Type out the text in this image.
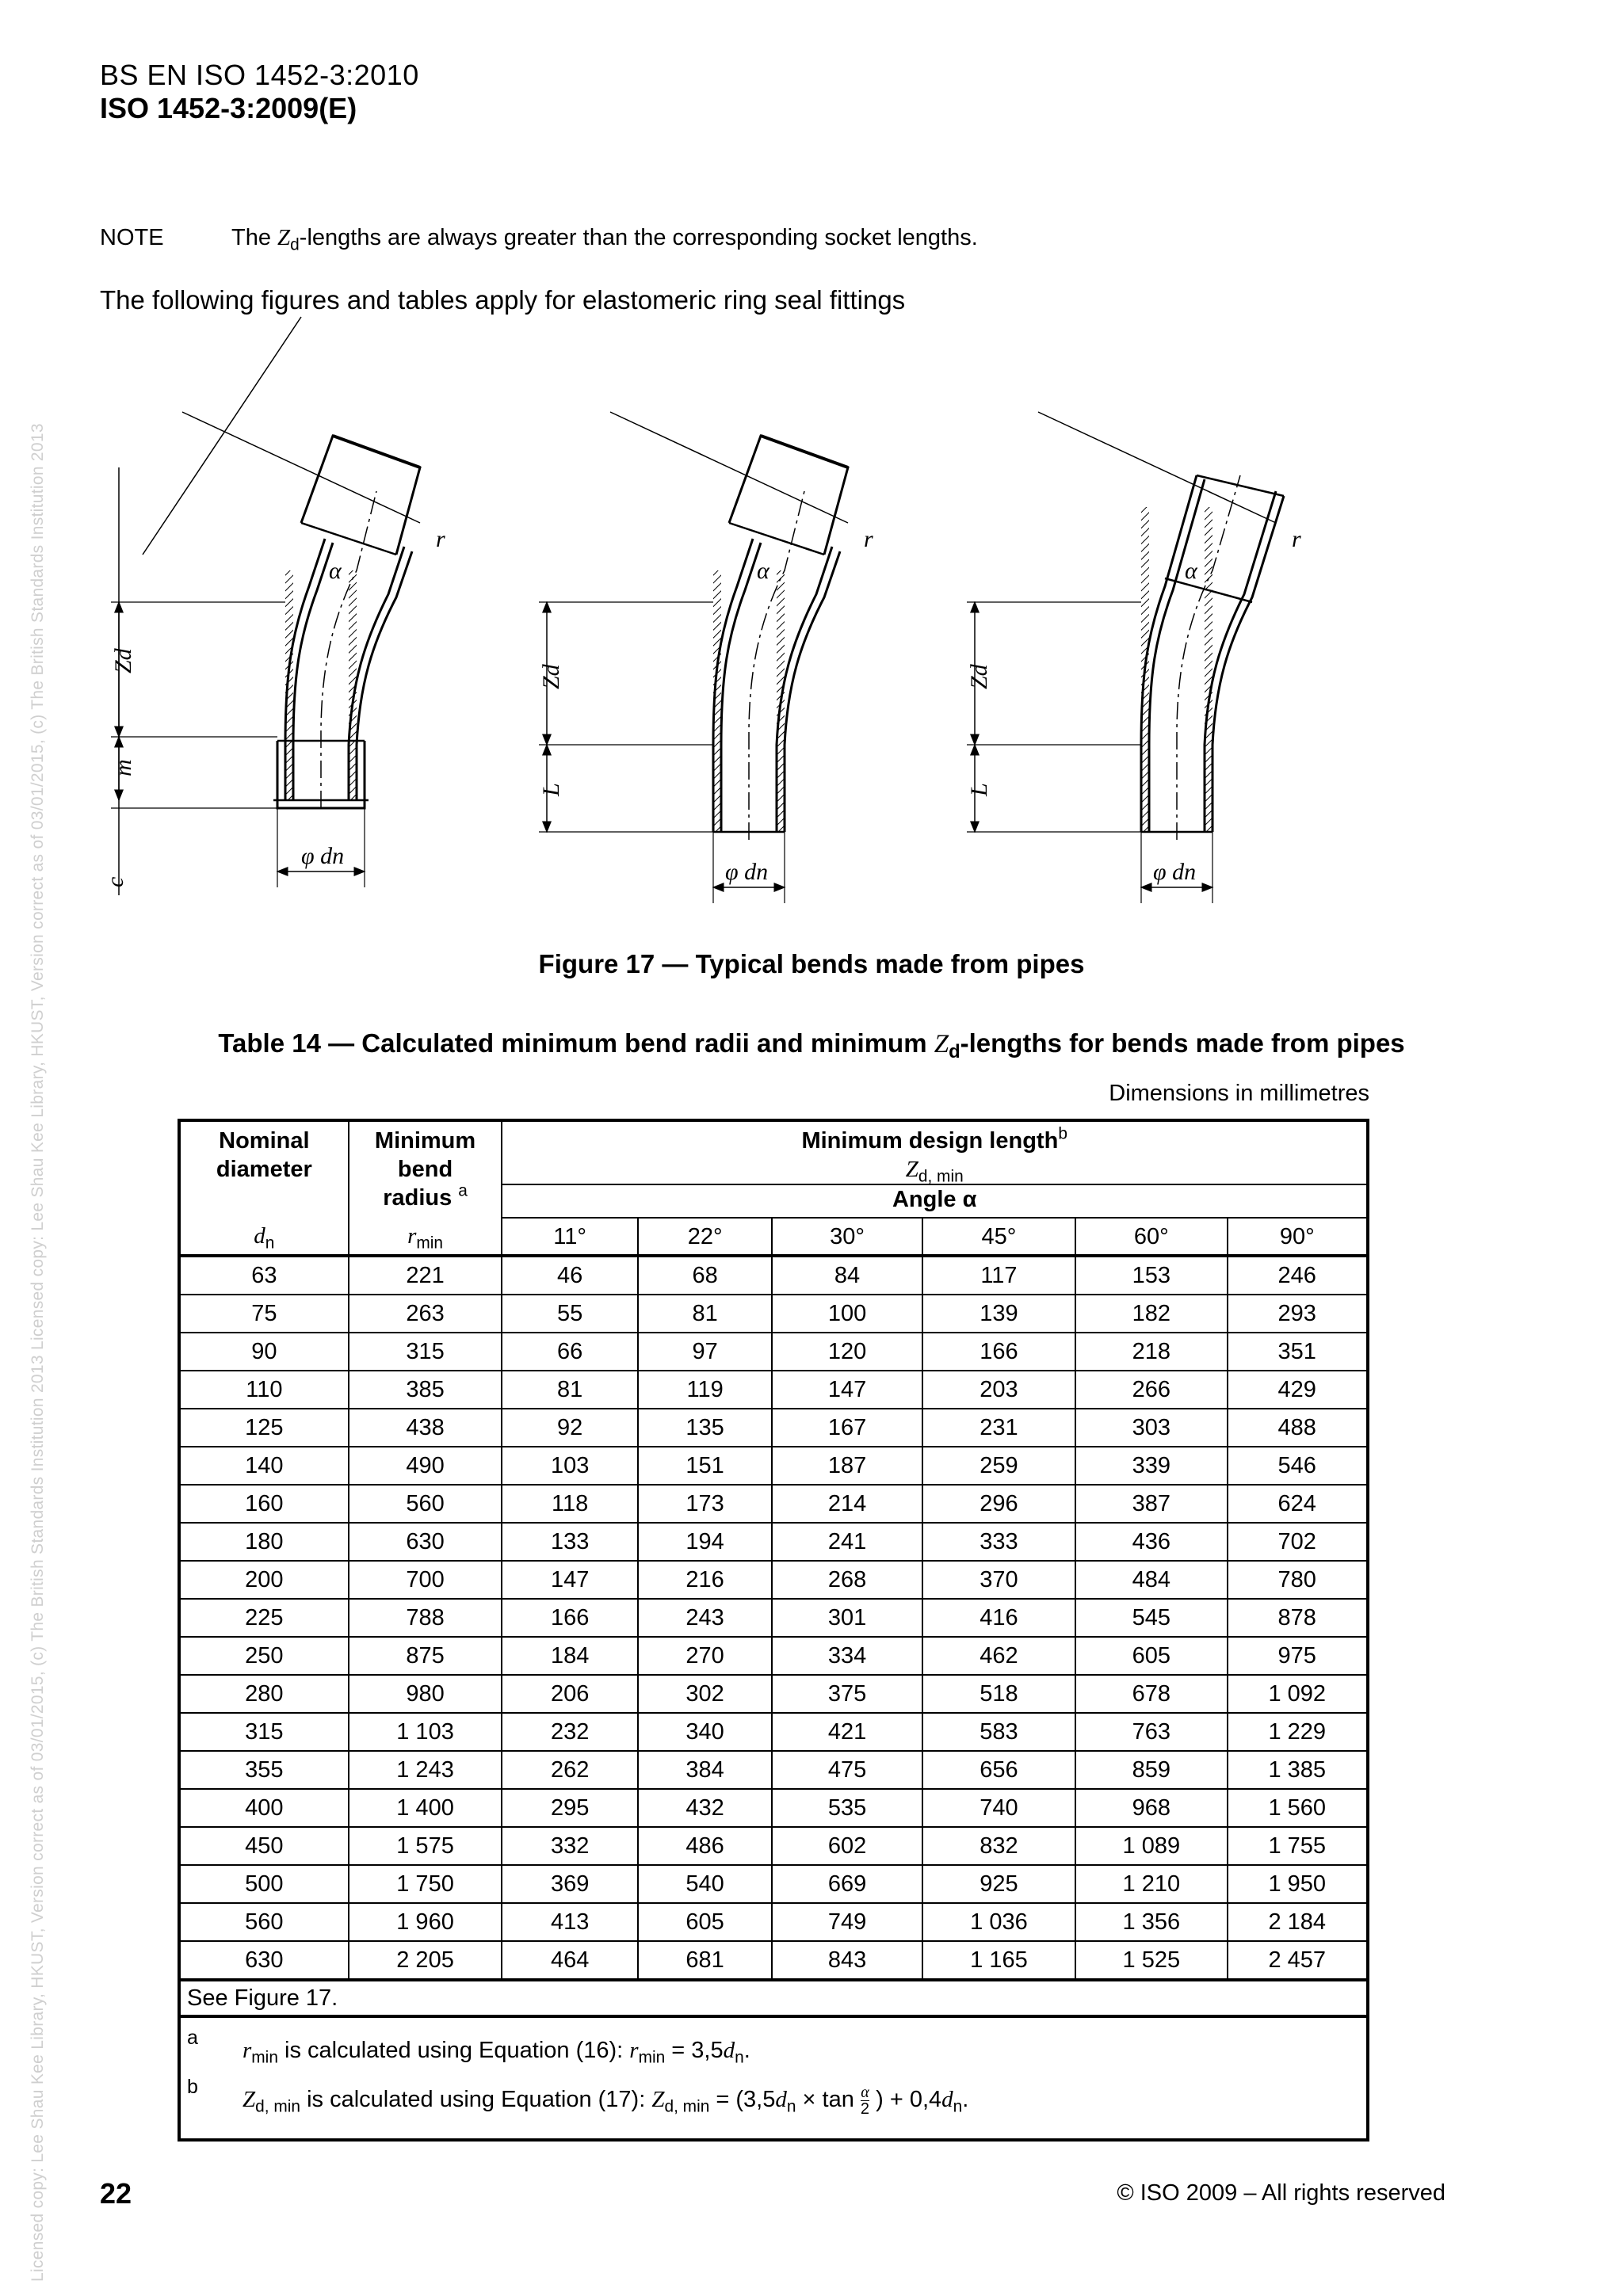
Licensed copy: Lee Shau Kee Library, HKUST, Version correct as of 03/01/2015, (c) The British Standards Institution 2013 Licensed copy: Lee Shau Kee Library, HKUST, Version correct as of 03/01/2015, (c) The British Standards Institution 2013
BS EN ISO 1452-3:2010
ISO 1452-3:2009(E)
NOTE	The $Z_d$-lengths are always greater than the corresponding socket lengths.
The following figures and tables apply for elastomeric ring seal fittings
Zd
m
c
φ dn
α
r
Zd
L
φ dn
α
r
Zd
L
φ dn
α
r
Figure 17 — Typical bends made from pipes
Table 14 — Calculated minimum bend radii and minimum $Z_d$-lengths for bends made from pipes
Dimensions in millimetres
Nominal diameter	Minimum
bend
radius $^a$	Minimum design length$^b$
$Z_{d, min}$
		Angle α					
$d_n$	$r_{min}$	11°	22°	30°	45°	60°	90°
63	221	46	68	84	117	153	246
75	263	55	81	100	139	182	293
90	315	66	97	120	166	218	351
110	385	81	119	147	203	266	429
125	438	92	135	167	231	303	488
140	490	103	151	187	259	339	546
160	560	118	173	214	296	387	624
180	630	133	194	241	333	436	702
200	700	147	216	268	370	484	780
225	788	166	243	301	416	545	878
250	875	184	270	334	462	605	975
280	980	206	302	375	518	678	1 092
315	1 103	232	340	421	583	763	1 229
355	1 243	262	384	475	656	859	1 385
400	1 400	295	432	535	740	968	1 560
450	1 575	332	486	602	832	1 089	1 755
500	1 750	369	540	669	925	1 210	1 950
560	1 960	413	605	749	1 036	1 356	2 184
630	2 205	464	681	843	1 165	1 525	2 457
See Figure 17.							

a $r_{min}$ is calculated using Equation (16): $r_{min} = 3,5d_n$.
b $Z_{d, min}$ is calculated using Equation (17): $Z_{d, min} = (3,5d_n \times \tan \frac{\alpha}{2}$ ) + $0,4d_n$.							
22	© ISO 2009 – All rights reserved
